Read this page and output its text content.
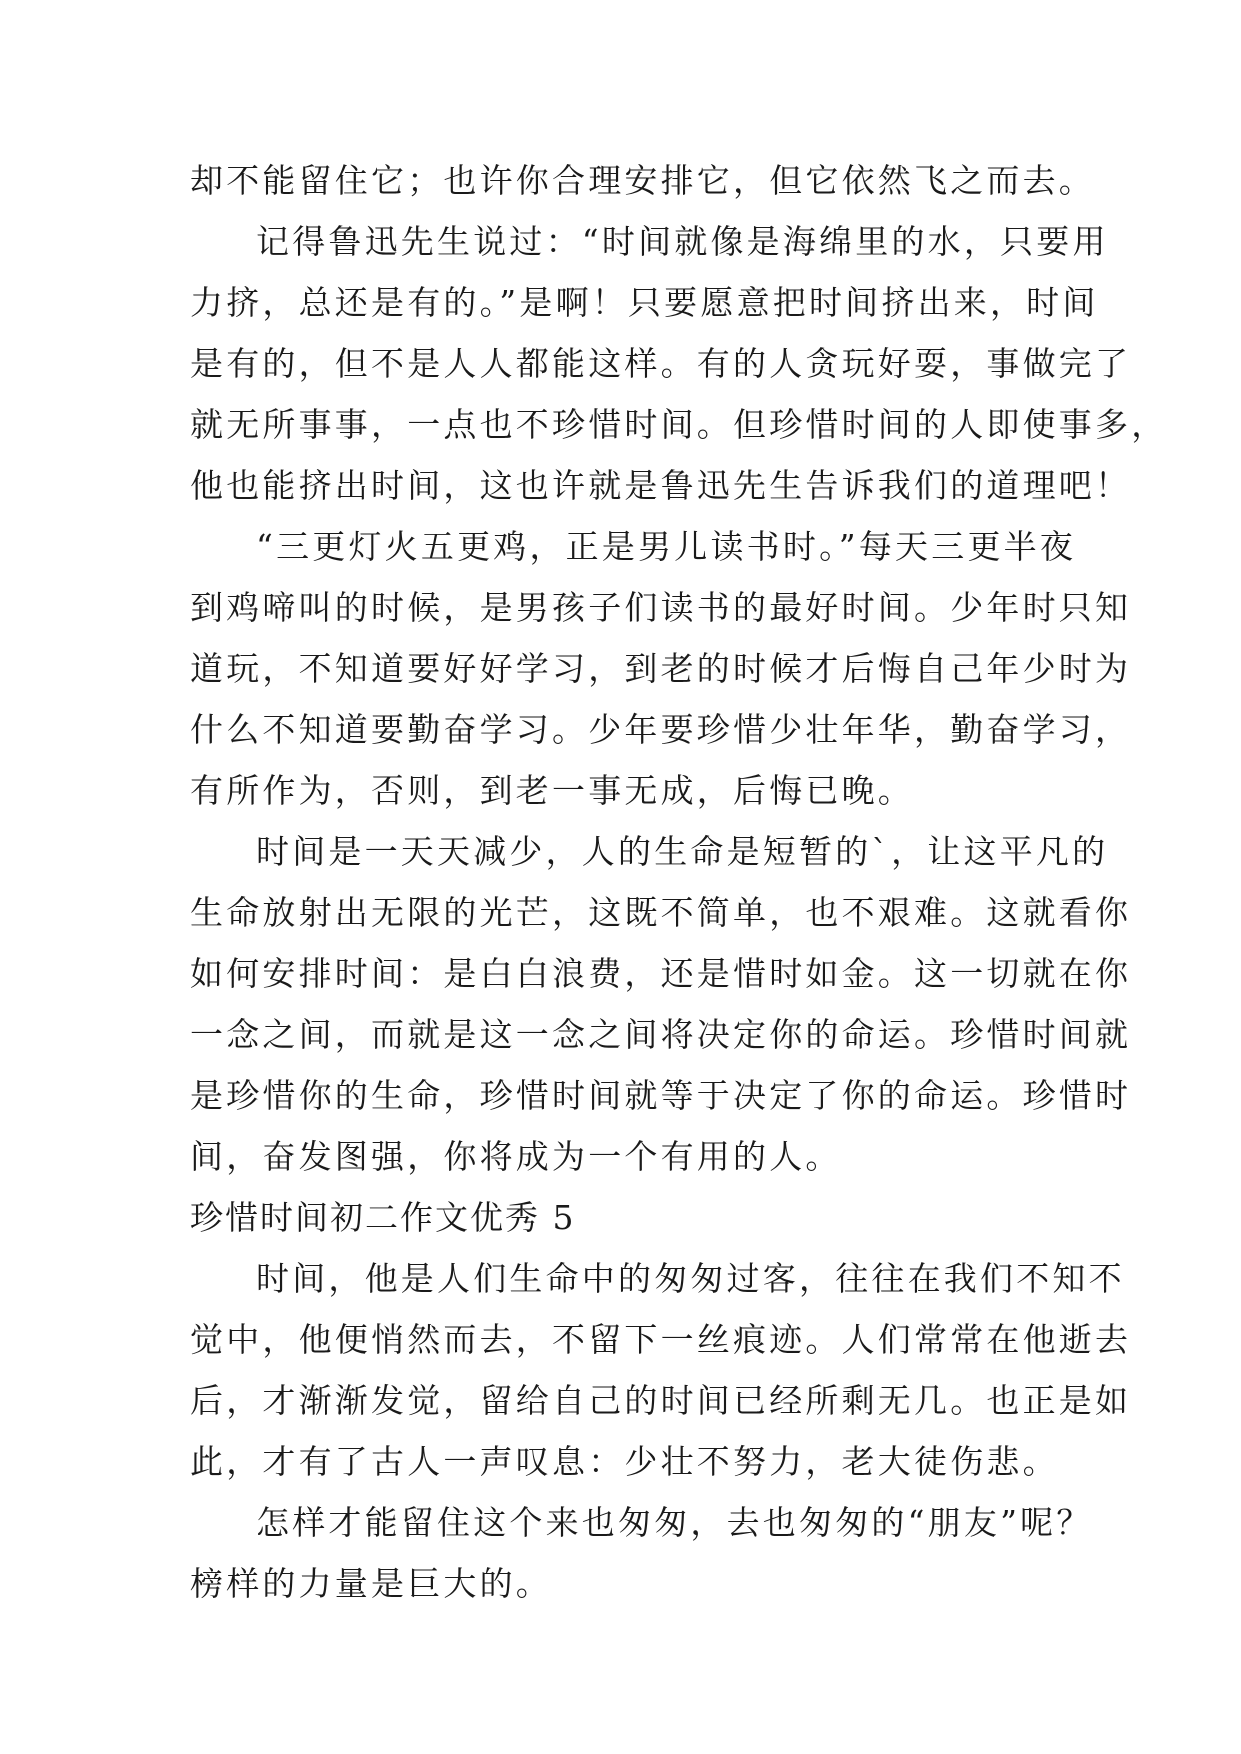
却不能留住它；也许你合理安排它，但它依然飞之而去。
记得鲁迅先生说过：“时间就像是海绵里的水，只要用
力挤，总还是有的。”是啊！只要愿意把时间挤出来，时间
是有的，但不是人人都能这样。有的人贪玩好耍，事做完了
就无所事事，一点也不珍惜时间。但珍惜时间的人即使事多，
他也能挤出时间，这也许就是鲁迅先生告诉我们的道理吧！
“三更灯火五更鸡，正是男儿读书时。”每天三更半夜
到鸡啼叫的时候，是男孩子们读书的最好时间。少年时只知
道玩，不知道要好好学习，到老的时候才后悔自己年少时为
什么不知道要勤奋学习。少年要珍惜少壮年华，勤奋学习，
有所作为，否则，到老一事无成，后悔已晚。
时间是一天天减少，人的生命是短暂的`，让这平凡的
生命放射出无限的光芒，这既不简单，也不艰难。这就看你
如何安排时间：是白白浪费，还是惜时如金。这一切就在你
一念之间，而就是这一念之间将决定你的命运。珍惜时间就
是珍惜你的生命，珍惜时间就等于决定了你的命运。珍惜时
间，奋发图强，你将成为一个有用的人。
珍惜时间初二作文优秀 5
时间，他是人们生命中的匆匆过客，往往在我们不知不
觉中，他便悄然而去，不留下一丝痕迹。人们常常在他逝去
后，才渐渐发觉，留给自己的时间已经所剩无几。也正是如
此，才有了古人一声叹息：少壮不努力，老大徒伤悲。
怎样才能留住这个来也匆匆，去也匆匆的“朋友”呢？
榜样的力量是巨大的。
